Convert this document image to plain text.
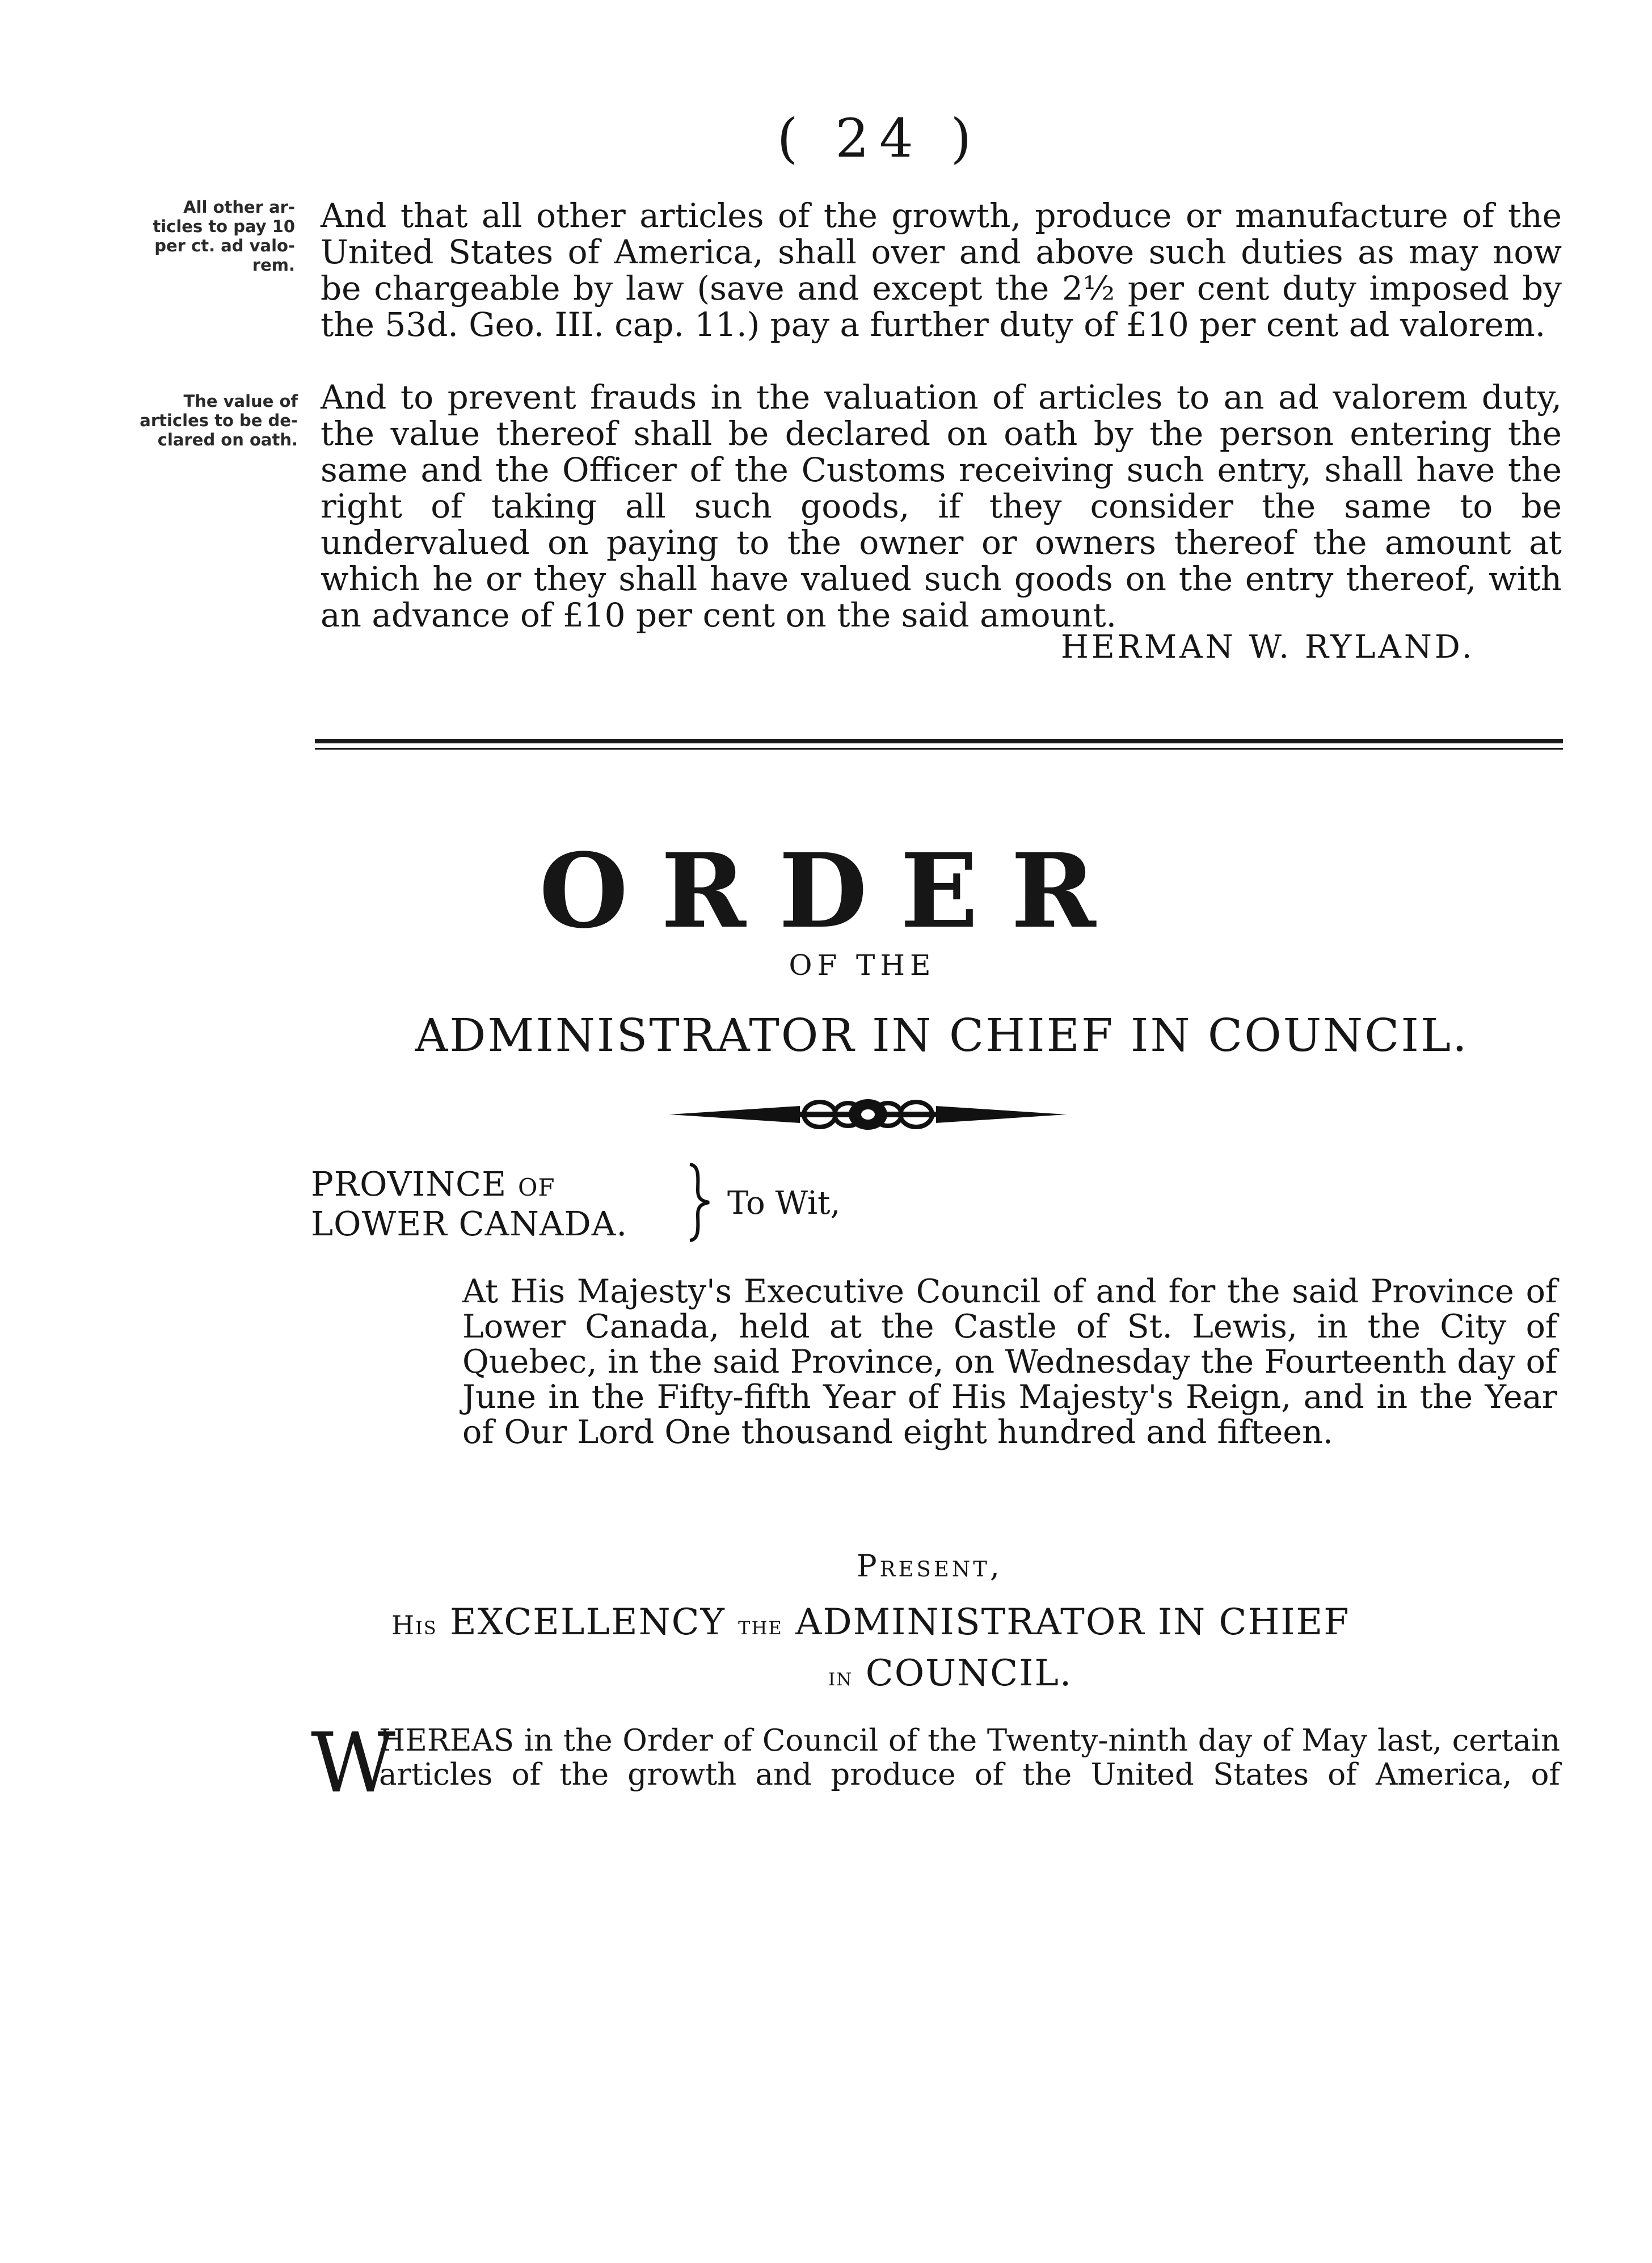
( 24 )
All other ar-
ticles to pay 10
per ct. ad valo-
rem.
The value of
articles to be de-
clared on oath.
And that all other articles of the growth, produce or manufacture of the United States of America, shall over and above such duties as may now be chargeable by law (save and except the 2½ per cent duty imposed by the 53d. Geo. III. cap. 11.) pay a further duty of £10 per cent ad valorem.
And to prevent frauds in the valuation of articles to an ad valorem duty, the value thereof shall be declared on oath by the person entering the same and the Officer of the Customs receiving such entry, shall have the right of taking all such goods, if they consider the same to be undervalued on paying to the owner or owners thereof the amount at which he or they shall have valued such goods on the entry thereof, with an advance of £10 per cent on the said amount.
HERMAN W. RYLAND.
ORDER
OF THE
ADMINISTRATOR IN CHIEF IN COUNCIL.
PROVINCE OF
LOWER CANADA.
To Wit,
At His Majesty's Executive Council of and for the said Province of Lower Canada, held at the Castle of St. Lewis, in the City of Quebec, in the said Province, on Wednesday the Fourteenth day of June in the Fifty-fifth Year of His Majesty's Reign, and in the Year of Our Lord One thousand eight hundred and fifteen.
Present,
His EXCELLENCY the ADMINISTRATOR IN CHIEF
in COUNCIL.
W
HEREAS in the Order of Council of the Twenty-ninth day of May last, certain articles of the growth and produce of the United States of America, of
